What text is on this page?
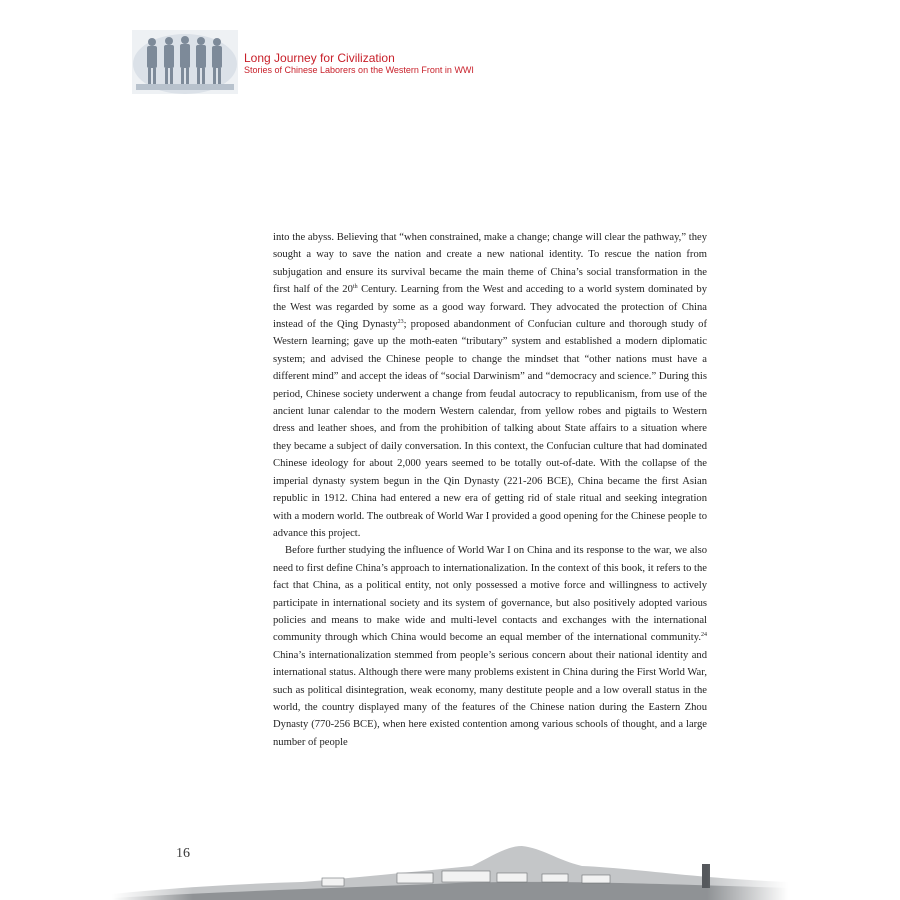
Long Journey for Civilization
Stories of Chinese Laborers on the Western Front in WWI

into the abyss. Believing that “when constrained, make a change; change will clear the pathway,” they sought a way to save the nation and create a new national identity. To rescue the nation from subjugation and ensure its survival became the main theme of China’s social transformation in the first half of the 20th Century. Learning from the West and acceding to a world system dominated by the West was regarded by some as a good way forward. They advocated the protection of China instead of the Qing Dynasty$^{23}$; proposed abandonment of Confucian culture and thorough study of Western learning; gave up the moth-eaten “tributary” system and established a modern diplomatic system; and advised the Chinese people to change the mindset that “other nations must have a different mind” and accept the ideas of “social Darwinism” and “democracy and science.” During this period, Chinese society underwent a change from feudal autocracy to republicanism, from use of the ancient lunar calendar to the modern Western calendar, from yellow robes and pigtails to Western dress and leather shoes, and from the prohibition of talking about State affairs to a situation where they became a subject of daily conversation. In this context, the Confucian culture that had dominated Chinese ideology for about 2,000 years seemed to be totally out-of-date. With the collapse of the imperial dynasty system begun in the Qin Dynasty (221-206 BCE), China became the first Asian republic in 1912. China had entered a new era of getting rid of stale ritual and seeking integration with a modern world. The outbreak of World War I provided a good opening for the Chinese people to advance this project.

Before further studying the influence of World War I on China and its response to the war, we also need to first define China’s approach to internationalization. In the context of this book, it refers to the fact that China, as a political entity, not only possessed a motive force and willingness to actively participate in international society and its system of governance, but also positively adopted various policies and means to make wide and multi-level contacts and exchanges with the international community through which China would become an equal member of the international community.$^{24}$ China’s internationalization stemmed from people’s serious concern about their national identity and international status. Although there were many problems existent in China during the First World War, such as political disintegration, weak economy, many destitute people and a low overall status in the world, the country displayed many of the features of the Chinese nation during the Eastern Zhou Dynasty (770-256 BCE), when here existed contention among various schools of thought, and a large number of people
